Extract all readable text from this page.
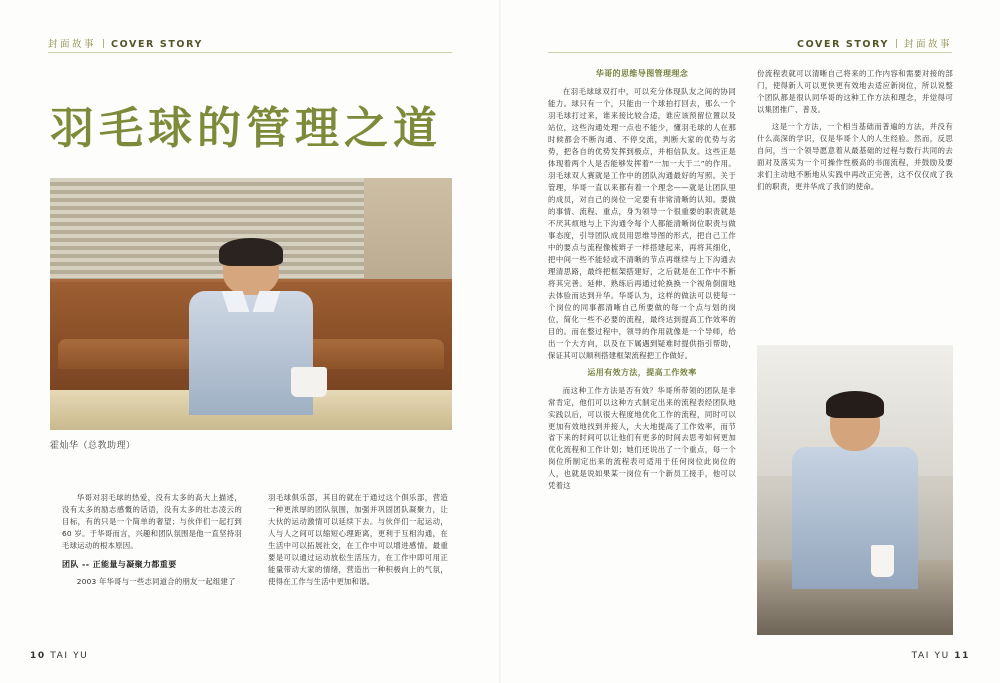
封面故事 COVER STORY	COVER STORY 封面故事
羽毛球的管理之道
霍灿华（总教助理）

华哥对羽毛球的热爱，没有太多的高大上描述，没有太多的励志感慨的话语，没有太多的壮志凌云的目标，有的只是一个简单的奢望；与伙伴们一起打到 60 岁。于华哥而言，兴趣和团队氛围是他一直坚持羽毛球运动的根本原因。

团队 -- 正能量与凝聚力都重要

2003 年华哥与一些志同道合的朋友一起组建了

羽毛球俱乐部，其目的就在于通过这个俱乐部，营造一种更浓厚的团队氛围，加强并巩固团队凝聚力，让大伙的运动激情可以延续下去。与伙伴们一起运动，人与人之间可以缩短心理距离，更利于互相沟通，在生活中可以拓展社交，在工作中可以增进感情。最重要是可以通过运动放松生活压力，在工作中即可用正能量带动大家的情绪，营造出一种积极向上的气氛，使得在工作与生活中更加和谐。

华哥的思维导图管理理念

在羽毛球球双打中，可以充分体现队友之间的协同能力。球只有一个，只能由一个球拍打回去，那么一个羽毛球打过来，谁来接比较合适，谁应该预留位置以及站位，这些沟通处理一点也不能少，懂羽毛球的人在那时候都会不断沟通、不停交流，判断大家的优势与劣势，把各自的优势发挥到极点，并相信队友。这些正是体现着两个人是否能够发挥着“一加一大于二”的作用。羽毛球双人赛就是工作中的团队沟通最好的写照。关于管理，华哥一直以来都有着一个理念——就是让团队里的成员，对自己的岗位一定要有非常清晰的认知。要做的事情、流程、重点，身为领导一个很重要的职责就是不厌其烦地与上下沟通令每个人都能清晰岗位职责与做事态度，引导团队成员用思维导图的形式，把自己工作中的要点与流程像梳辫子一样搭建起来，再将其细化，把中间一些不能轻或不清晰的节点再继续与上下沟通去理清思路，最终把框架搭建好，之后就是在工作中不断将其完善。延伸、熟练后再通过轮换换一个视角倒面地去体验而达到升华。华哥认为，这样的做法可以使每一个岗位的同事都清晰自己所要做的每一个点与划的岗位，简化一些不必要的流程，最终达到提高工作效率的目的。而在整过程中，领导的作用就像是一个导师，给出一个大方向，以及在下属遇到疑难时提供指引帮助，保证其可以顺利搭建框架流程把工作做好。

运用有效方法，提高工作效率

而这种工作方法是否有效？华哥所带领的团队是非常肯定，他们可以这种方式制定出来的流程表经团队地实践以后，可以很大程度地优化工作的流程，同时可以更加有效地找到并接人，大大地提高了工作效率，而节省下来的时间可以让他们有更多的时间去思考如何更加优化流程和工作计划；她们还说出了一个重点，每一个岗位所制定出来的流程表可适用于任何岗位此岗位的人，也就是说如果某一岗位有一个新员工接手，他可以凭着这

份流程表就可以清晰自己将来的工作内容和需要对接的部门，使得新人可以更快更有效地去适应新岗位，所以说整个团队都是很认同华哥的这种工作方法和理念，并觉得可以集团推广、普及。

这是一个方法，一个相当基础而普遍的方法，并没有什么高深的学识，仅是华哥个人的人生经验。然而，反思自问，当一个领导愿意着从最基础的过程与数行共同的去面对及落实为一个可操作性极高的书面流程，并鼓励及要求们主动地不断地从实践中再改正完善，这不仅仅成了我们的职责，更并华成了我们的使命。

10 TAI YU	TAI YU 11
